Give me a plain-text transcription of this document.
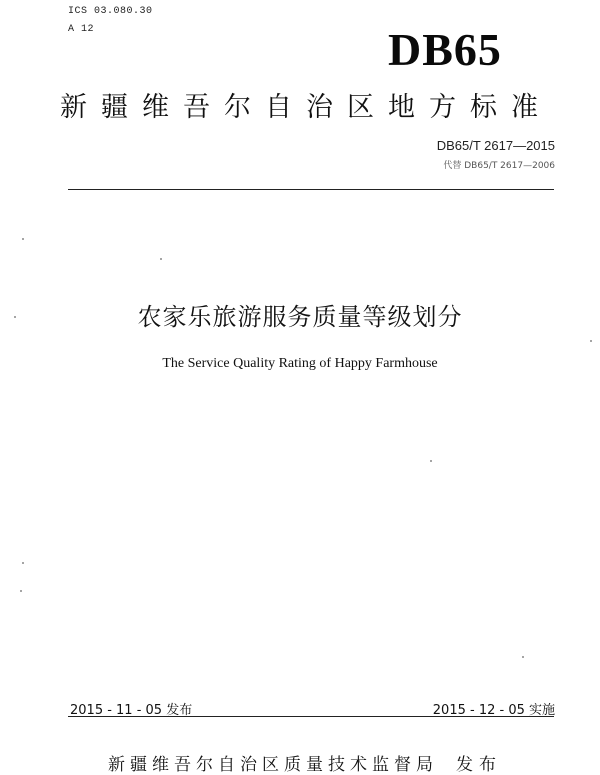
ICS 03.080.30
A 12	DB65
新疆维吾尔自治区地方标准
DB65/T 2617—2015
代替 DB65/T 2617—2006
农家乐旅游服务质量等级划分
The Service Quality Rating of Happy Farmhouse
2015 - 11 - 05 发布	2015 - 12 - 05 实施
新疆维吾尔自治区质量技术监督局 发布
